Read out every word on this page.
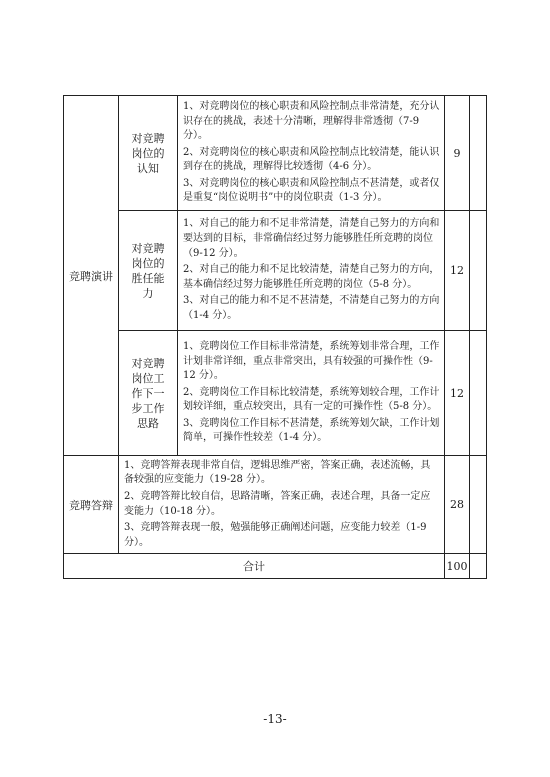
竞聘演讲	对竞聘岗位的认知	1、对竞聘岗位的核心职责和风险控制点非常清楚，充分认识存在的挑战，表述十分清晰，理解得非常透彻（7-9 分）。

2、对竞聘岗位的核心职责和风险控制点比较清楚，能认识到存在的挑战，理解得比较透彻（4-6 分）。

3、对竞聘岗位的核心职责和风险控制点不甚清楚，或者仅是重复“岗位说明书”中的岗位职责（1-3 分）。	9	
	对竞聘岗位的胜任能力	1、对自己的能力和不足非常清楚，清楚自己努力的方向和要达到的目标，非常确信经过努力能够胜任所竞聘的岗位（9-12 分）。

2、对自己的能力和不足比较清楚，清楚自己努力的方向，基本确信经过努力能够胜任所竞聘的岗位（5-8 分）。

3、对自己的能力和不足不甚清楚，不清楚自己努力的方向（1-4 分）。	12	
	对竞聘岗位工作下一步工作思路	1、竞聘岗位工作目标非常清楚，系统筹划非常合理，工作计划非常详细，重点非常突出，具有较强的可操作性（9-12 分）。

2、竞聘岗位工作目标比较清楚，系统筹划较合理，工作计划较详细，重点较突出，具有一定的可操作性（5-8 分）。

3、竞聘岗位工作目标不甚清楚，系统筹划欠缺，工作计划简单，可操作性较差（1-4 分）。	12	
竞聘答辩	1、竞聘答辩表现非常自信，逻辑思维严密，答案正确，表述流畅，具备较强的应变能力（19-28 分）。

2、竞聘答辩比较自信，思路清晰，答案正确，表述合理，具备一定应变能力（10-18 分）。

3、竞聘答辩表现一般，勉强能够正确阐述问题，应变能力较差（1-9 分）。		28	
合计			100	
-13-
